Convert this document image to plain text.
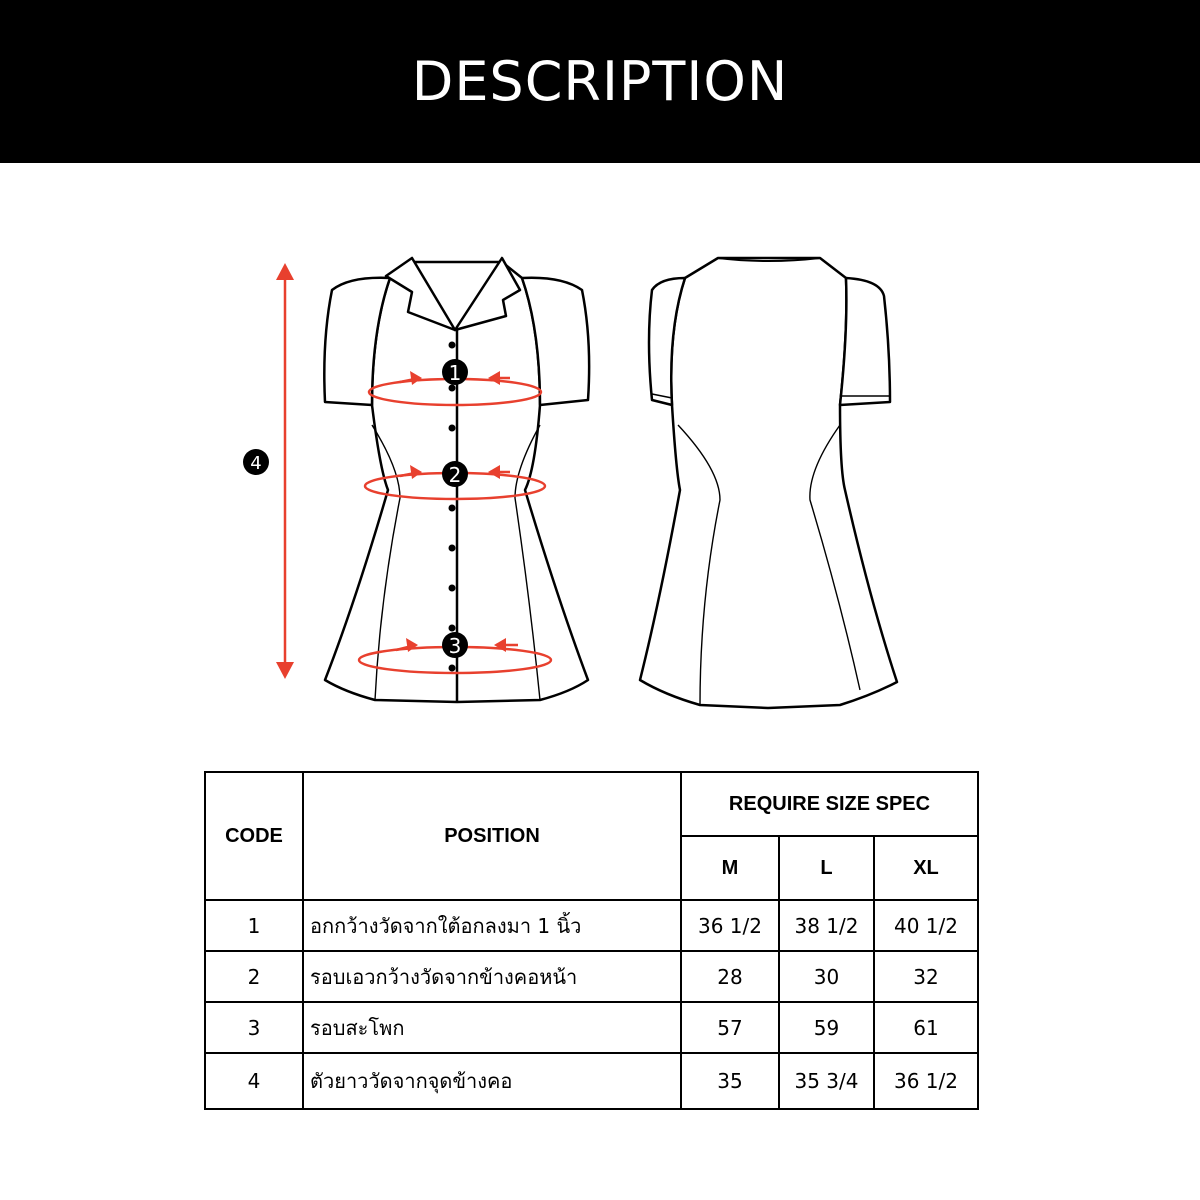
DESCRIPTION
1
2
3
4
CODE	POSITION	REQUIRE SIZE SPEC		
		M	L	XL
1	อกกว้างวัดจากใต้อกลงมา 1 นิ้ว	36 1/2	38 1/2	40 1/2
2	รอบเอวกว้างวัดจากข้างคอหน้า	28	30	32
3	รอบสะโพก	57	59	61
4	ตัวยาววัดจากจุดข้างคอ	35	35 3/4	36 1/2
